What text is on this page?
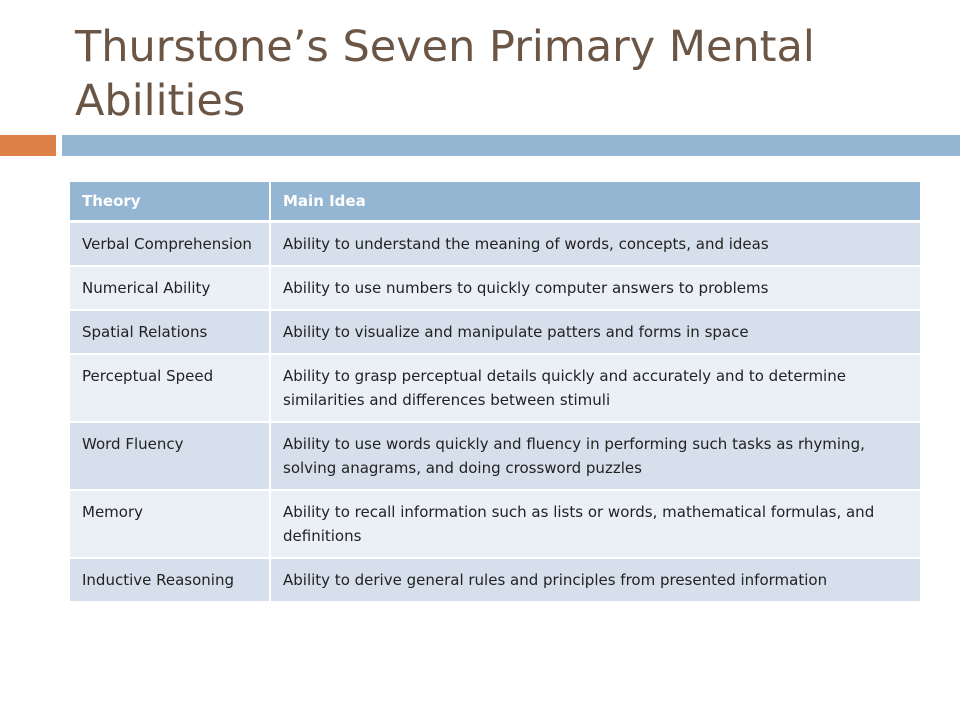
Thurstone’s Seven Primary Mental Abilities
Theory	Main Idea
Verbal Comprehension	Ability to understand the meaning of words, concepts, and ideas
Numerical Ability	Ability to use numbers to quickly computer answers to problems
Spatial Relations	Ability to visualize and manipulate patters and forms in space
Perceptual Speed	Ability to grasp perceptual details quickly and accurately and to determine similarities and differences between stimuli
Word Fluency	Ability to use words quickly and fluency in performing such tasks as rhyming, solving anagrams, and doing crossword puzzles
Memory	Ability to recall information such as lists or words, mathematical formulas, and definitions
Inductive Reasoning	Ability to derive general rules and principles from presented information
